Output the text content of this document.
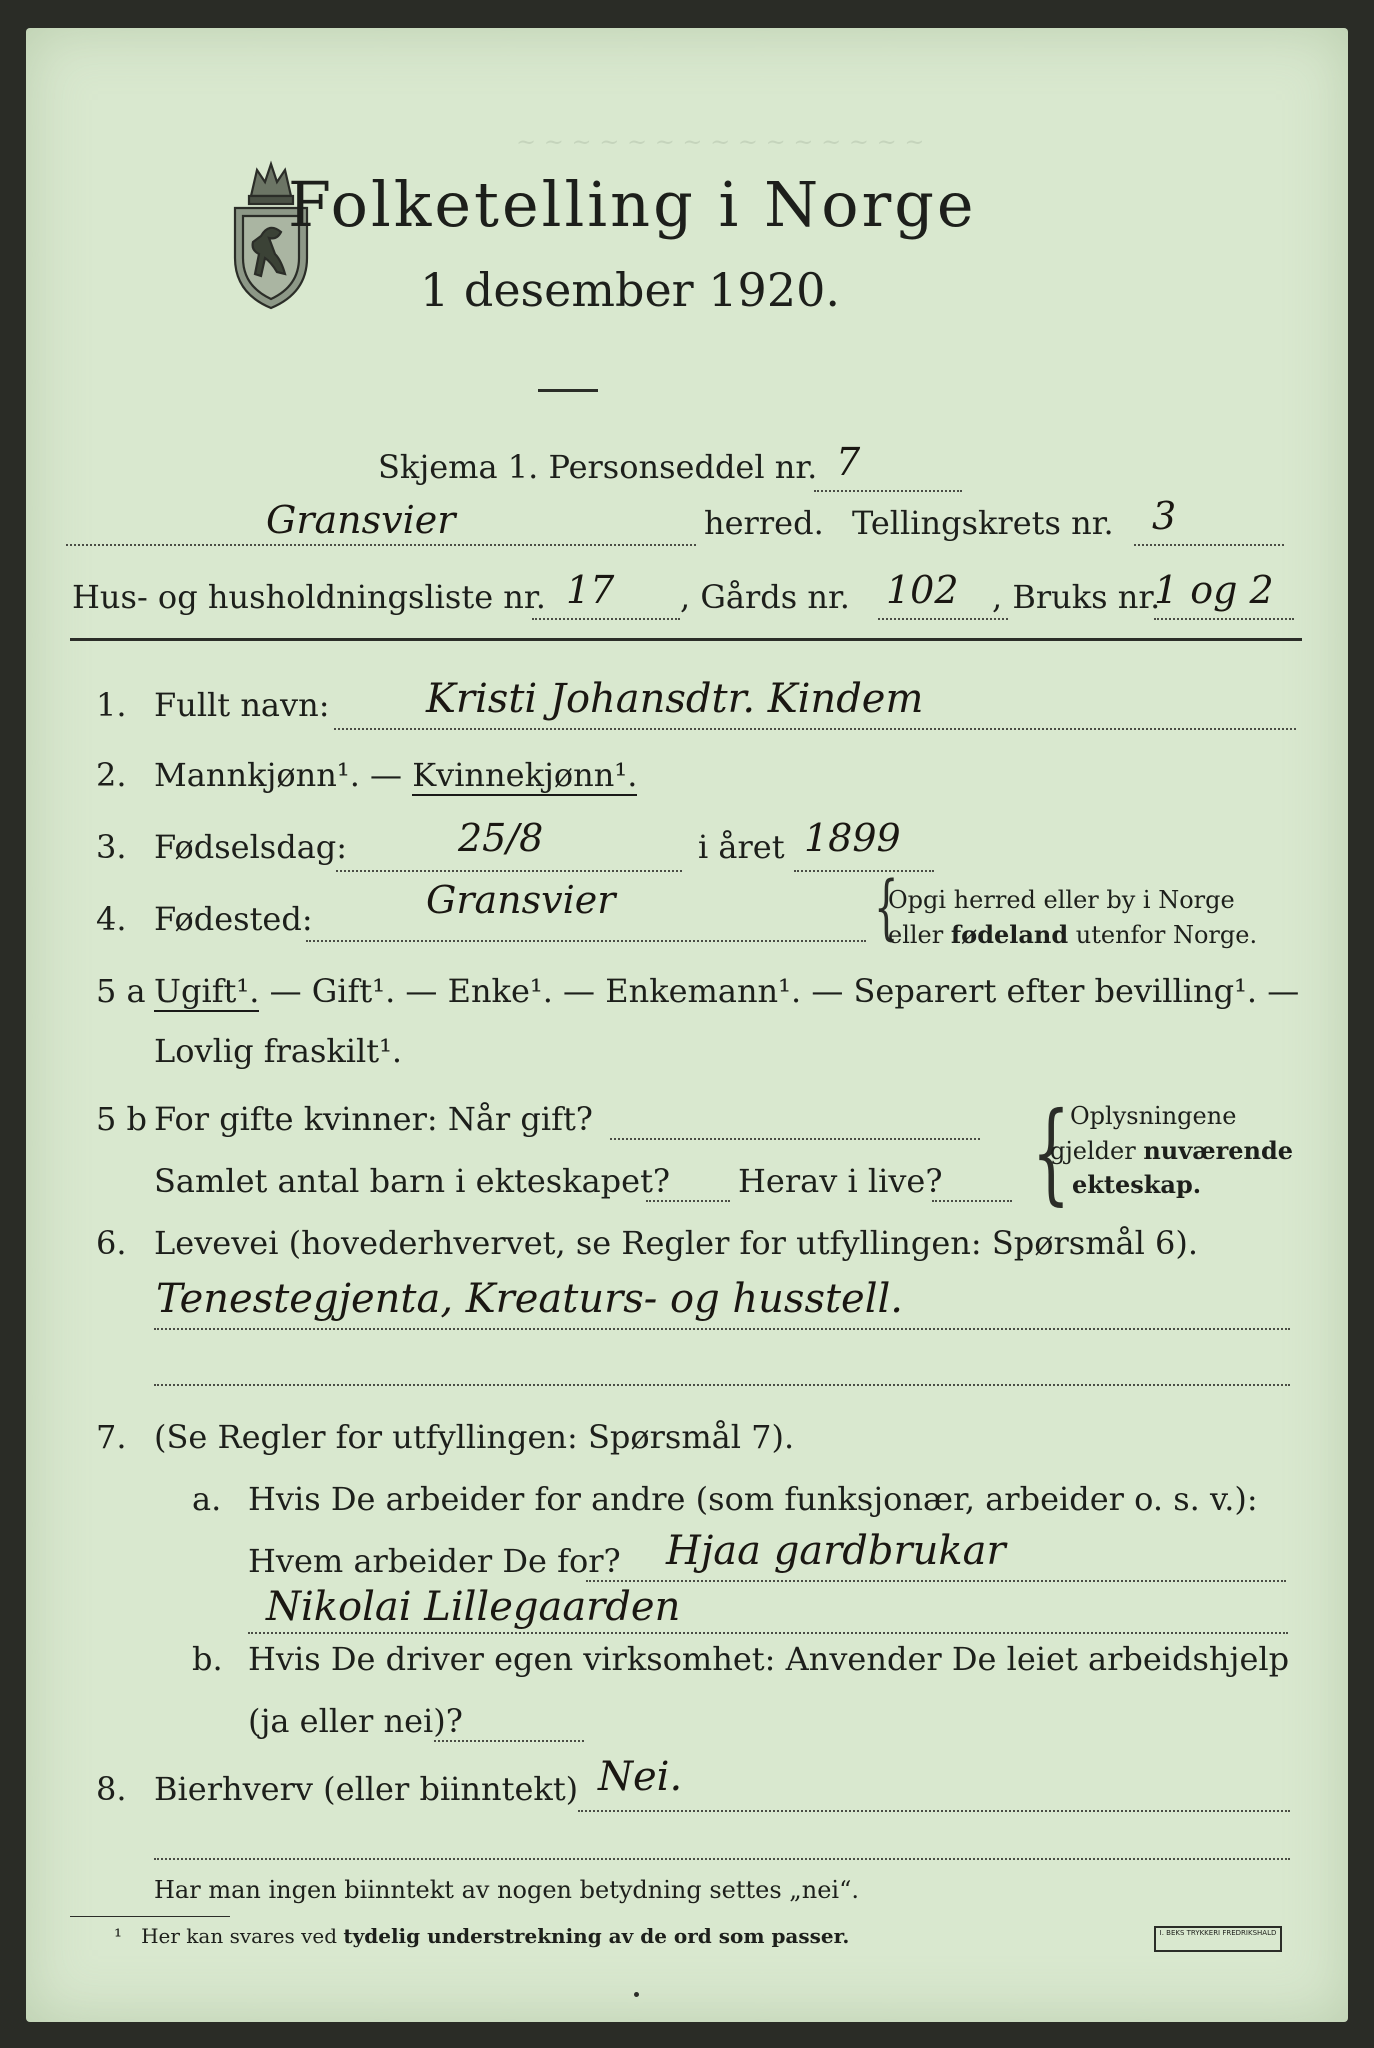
~ ~ ~ ~ ~ ~ ~ ~ ~ ~ ~ ~ ~ ~ ~
Folketelling i Norge
1 desember 1920.
Skjema 1. Personseddel nr. 7
Gransvier	herred. Tellingskrets nr. 3
Hus- og husholdningsliste nr. 17 , Gårds nr. 102 , Bruks nr.
1 og 2
1. Fullt navn: Kristi Johansdtr. Kindem
2. Mannkjønn¹. — Kvinnekjønn¹.
3. Fødselsdag:	25/8	i året 1899
4. Fødested:	Gransvier	{
Opgi herred eller by i Norge
eller fødeland utenfor Norge.
5 a Ugift¹. — Gift¹. — Enke¹. — Enkemann¹. — Separert efter bevilling¹. —
Lovlig fraskilt¹.
5 b For gifte kvinner: Når gift?
Samlet antal barn i ekteskapet? Herav i live? { Oplysningene
gjelder nuværende
ekteskap.
6. Levevei (hovederhvervet, se Regler for utfyllingen: Spørsmål 6).
Tenestegjenta, Kreaturs- og husstell.
7. (Se Regler for utfyllingen: Spørsmål 7).
a. Hvis De arbeider for andre (som funksjonær, arbeider o. s. v.):
Hvem arbeider De for? Hjaa gardbrukar
Nikolai Lillegaarden
b. Hvis De driver egen virksomhet: Anvender De leiet arbeidshjelp
(ja eller nei)?
8. Bierhverv (eller biinntekt) Nei.
Har man ingen biinntekt av nogen betydning settes „nei“.
¹ Her kan svares ved tydelig understrekning av de ord som passer.	I. BEKS TRYKKERI FREDRIKSHALD
